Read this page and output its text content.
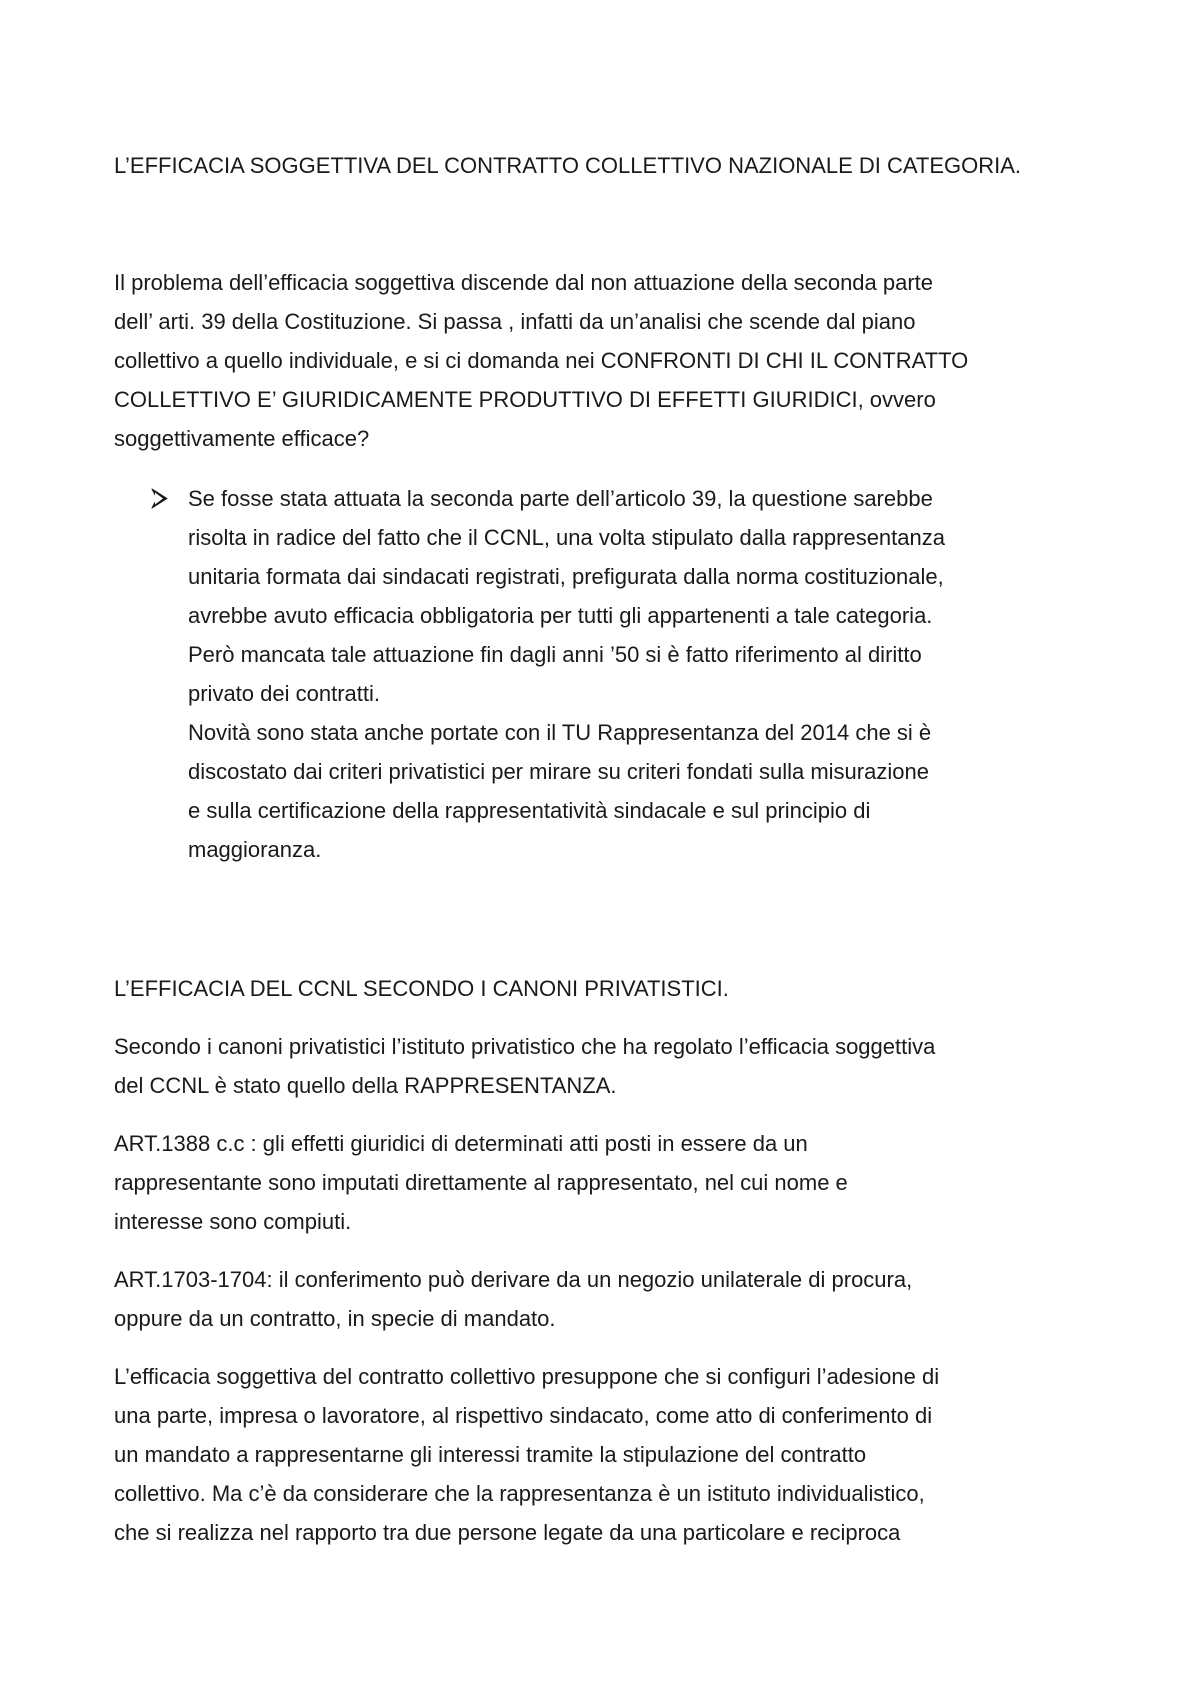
L’EFFICACIA SOGGETTIVA DEL CONTRATTO COLLETTIVO NAZIONALE DI CATEGORIA.

Il problema dell’efficacia soggettiva discende dal non attuazione della seconda parte
dell’ arti. 39 della Costituzione. Si passa , infatti da un’analisi che scende dal piano
collettivo a quello individuale, e si ci domanda nei CONFRONTI DI CHI IL CONTRATTO
COLLETTIVO E’ GIURIDICAMENTE PRODUTTIVO DI EFFETTI GIURIDICI, ovvero
soggettivamente efficace?

Se fosse stata attuata la seconda parte dell’articolo 39, la questione sarebbe
risolta in radice del fatto che il CCNL, una volta stipulato dalla rappresentanza
unitaria formata dai sindacati registrati, prefigurata dalla norma costituzionale,
avrebbe avuto efficacia obbligatoria per tutti gli appartenenti a tale categoria.
Però mancata tale attuazione fin dagli anni ’50 si è fatto riferimento al diritto
privato dei contratti.
Novità sono stata anche portate con il TU Rappresentanza del 2014 che si è
discostato dai criteri privatistici per mirare su criteri fondati sulla misurazione
e sulla certificazione della rappresentatività sindacale e sul principio di
maggioranza.

L’EFFICACIA DEL CCNL SECONDO I CANONI PRIVATISTICI.

Secondo i canoni privatistici l’istituto privatistico che ha regolato l’efficacia soggettiva
del CCNL è stato quello della RAPPRESENTANZA.

ART.1388 c.c : gli effetti giuridici di determinati atti posti in essere da un
rappresentante sono imputati direttamente al rappresentato, nel cui nome e
interesse sono compiuti.

ART.1703-1704: il conferimento può derivare da un negozio unilaterale di procura,
oppure da un contratto, in specie di mandato.

L’efficacia soggettiva del contratto collettivo presuppone che si configuri l’adesione di
una parte, impresa o lavoratore, al rispettivo sindacato, come atto di conferimento di
un mandato a rappresentarne gli interessi tramite la stipulazione del contratto
collettivo. Ma c’è da considerare che la rappresentanza è un istituto individualistico,
che si realizza nel rapporto tra due persone legate da una particolare e reciproca
